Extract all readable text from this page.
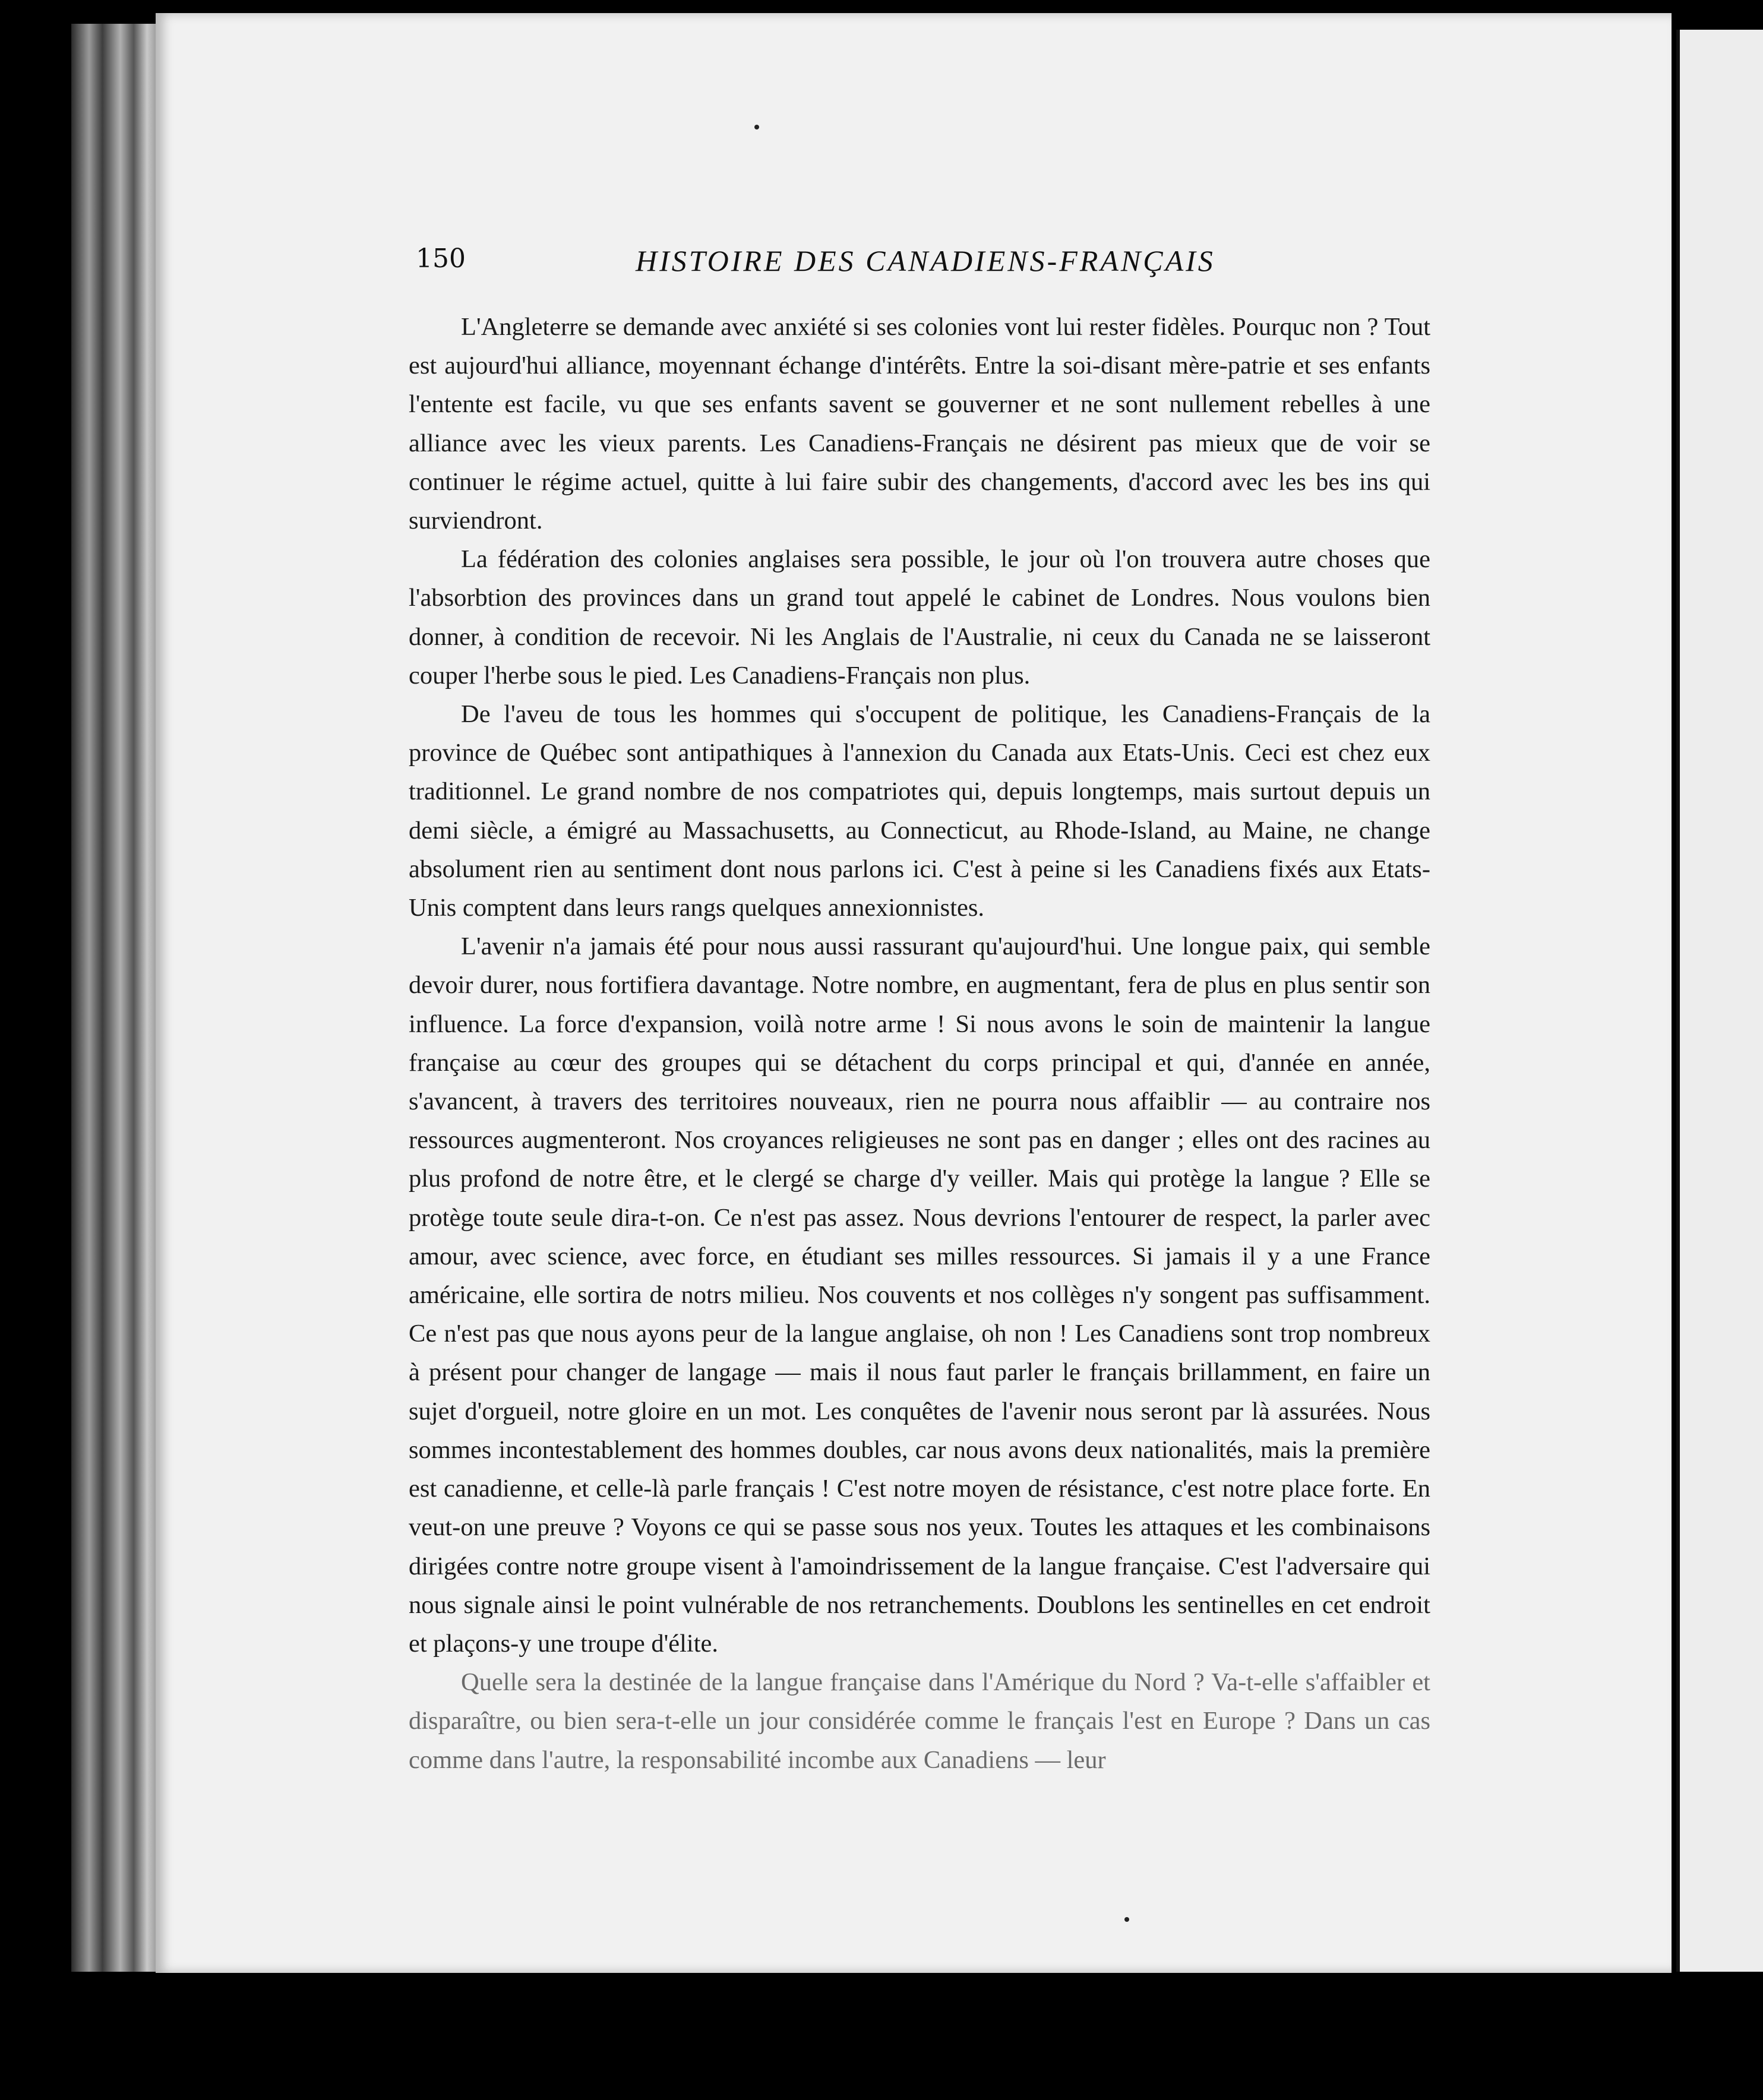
150	HISTOIRE DES CANADIENS-FRANÇAIS

L'Angleterre se demande avec anxiété si ses colonies vont lui rester fidèles. Pourquc non ? Tout est aujourd'hui alliance, moyennant échange d'intérêts. Entre la soi-disant mère-patrie et ses enfants l'entente est facile, vu que ses enfants savent se gouverner et ne sont nullement rebelles à une alliance avec les vieux parents. Les Canadiens-Français ne désirent pas mieux que de voir se continuer le régime actuel, quitte à lui faire subir des changements, d'accord avec les bes ins qui surviendront.

La fédération des colonies anglaises sera possible, le jour où l'on trouvera autre choses que l'absorbtion des provinces dans un grand tout appelé le cabinet de Londres. Nous voulons bien donner, à condition de recevoir. Ni les Anglais de l'Australie, ni ceux du Canada ne se laisseront couper l'herbe sous le pied. Les Canadiens-Français non plus.

De l'aveu de tous les hommes qui s'occupent de politique, les Canadiens-Français de la province de Québec sont antipathiques à l'annexion du Canada aux Etats-Unis. Ceci est chez eux traditionnel. Le grand nombre de nos compatriotes qui, depuis longtemps, mais surtout depuis un demi siècle, a émigré au Massachusetts, au Connecticut, au Rhode-Island, au Maine, ne change absolument rien au sentiment dont nous parlons ici. C'est à peine si les Canadiens fixés aux Etats-Unis comptent dans leurs rangs quelques annexionnistes.

L'avenir n'a jamais été pour nous aussi rassurant qu'aujourd'hui. Une longue paix, qui semble devoir durer, nous fortifiera davantage. Notre nombre, en augmentant, fera de plus en plus sentir son influence. La force d'expansion, voilà notre arme ! Si nous avons le soin de maintenir la langue française au cœur des groupes qui se détachent du corps principal et qui, d'année en année, s'avancent, à travers des territoires nouveaux, rien ne pourra nous affaiblir — au contraire nos ressources augmenteront. Nos croyances religieuses ne sont pas en danger ; elles ont des racines au plus profond de notre être, et le clergé se charge d'y veiller. Mais qui protège la langue ? Elle se protège toute seule dira-t-on. Ce n'est pas assez. Nous devrions l'entourer de respect, la parler avec amour, avec science, avec force, en étudiant ses milles ressources. Si jamais il y a une France américaine, elle sortira de notrs milieu. Nos couvents et nos collèges n'y songent pas suffisamment. Ce n'est pas que nous ayons peur de la langue anglaise, oh non ! Les Canadiens sont trop nombreux à présent pour changer de langage — mais il nous faut parler le français brillamment, en faire un sujet d'orgueil, notre gloire en un mot. Les conquêtes de l'avenir nous seront par là assurées. Nous sommes incontestablement des hommes doubles, car nous avons deux nationalités, mais la première est canadienne, et celle-là parle français ! C'est notre moyen de résistance, c'est notre place forte. En veut-on une preuve ? Voyons ce qui se passe sous nos yeux. Toutes les attaques et les combinaisons dirigées contre notre groupe visent à l'amoindrissement de la langue française. C'est l'adversaire qui nous signale ainsi le point vulnérable de nos retranchements. Doublons les sentinelles en cet endroit et plaçons-y une troupe d'élite.

Quelle sera la destinée de la langue française dans l'Amérique du Nord ? Va-t-elle s'affaibler et disparaître, ou bien sera-t-elle un jour considérée comme le français l'est en Europe ? Dans un cas comme dans l'autre, la responsabilité incombe aux Canadiens — leur
